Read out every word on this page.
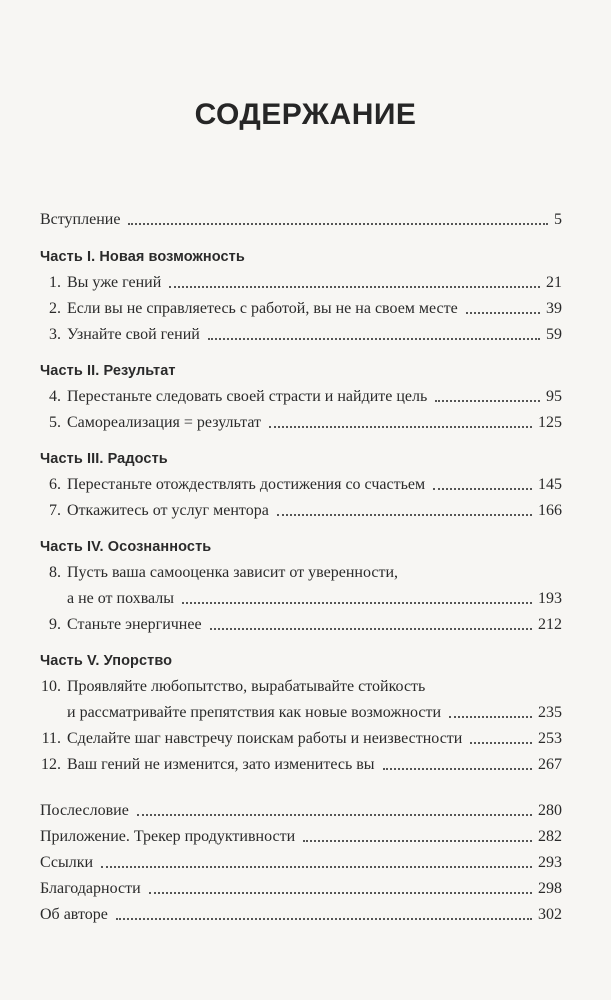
СОДЕРЖАНИЕ
Вступление	5
Часть I. Новая возможность
1. Вы уже гений	21
2. Если вы не справляетесь с работой, вы не на своем месте	39
3. Узнайте свой гений	59
Часть II. Результат
4. Перестаньте следовать своей страсти и найдите цель	95
5. Самореализация = результат	125
Часть III. Радость
6. Перестаньте отождествлять достижения со счастьем	145
7. Откажитесь от услуг ментора	166
Часть IV. Осознанность
8. Пусть ваша самооценка зависит от уверенности,
а не от похвалы	193
9. Станьте энергичнее	212
Часть V. Упорство
10. Проявляйте любопытство, вырабатывайте стойкость
и рассматривайте препятствия как новые возможности	235
11. Сделайте шаг навстречу поискам работы и неизвестности	253
12. Ваш гений не изменится, зато изменитесь вы	267
Послесловие	280
Приложение. Трекер продуктивности	282
Ссылки	293
Благодарности	298
Об авторе	302
